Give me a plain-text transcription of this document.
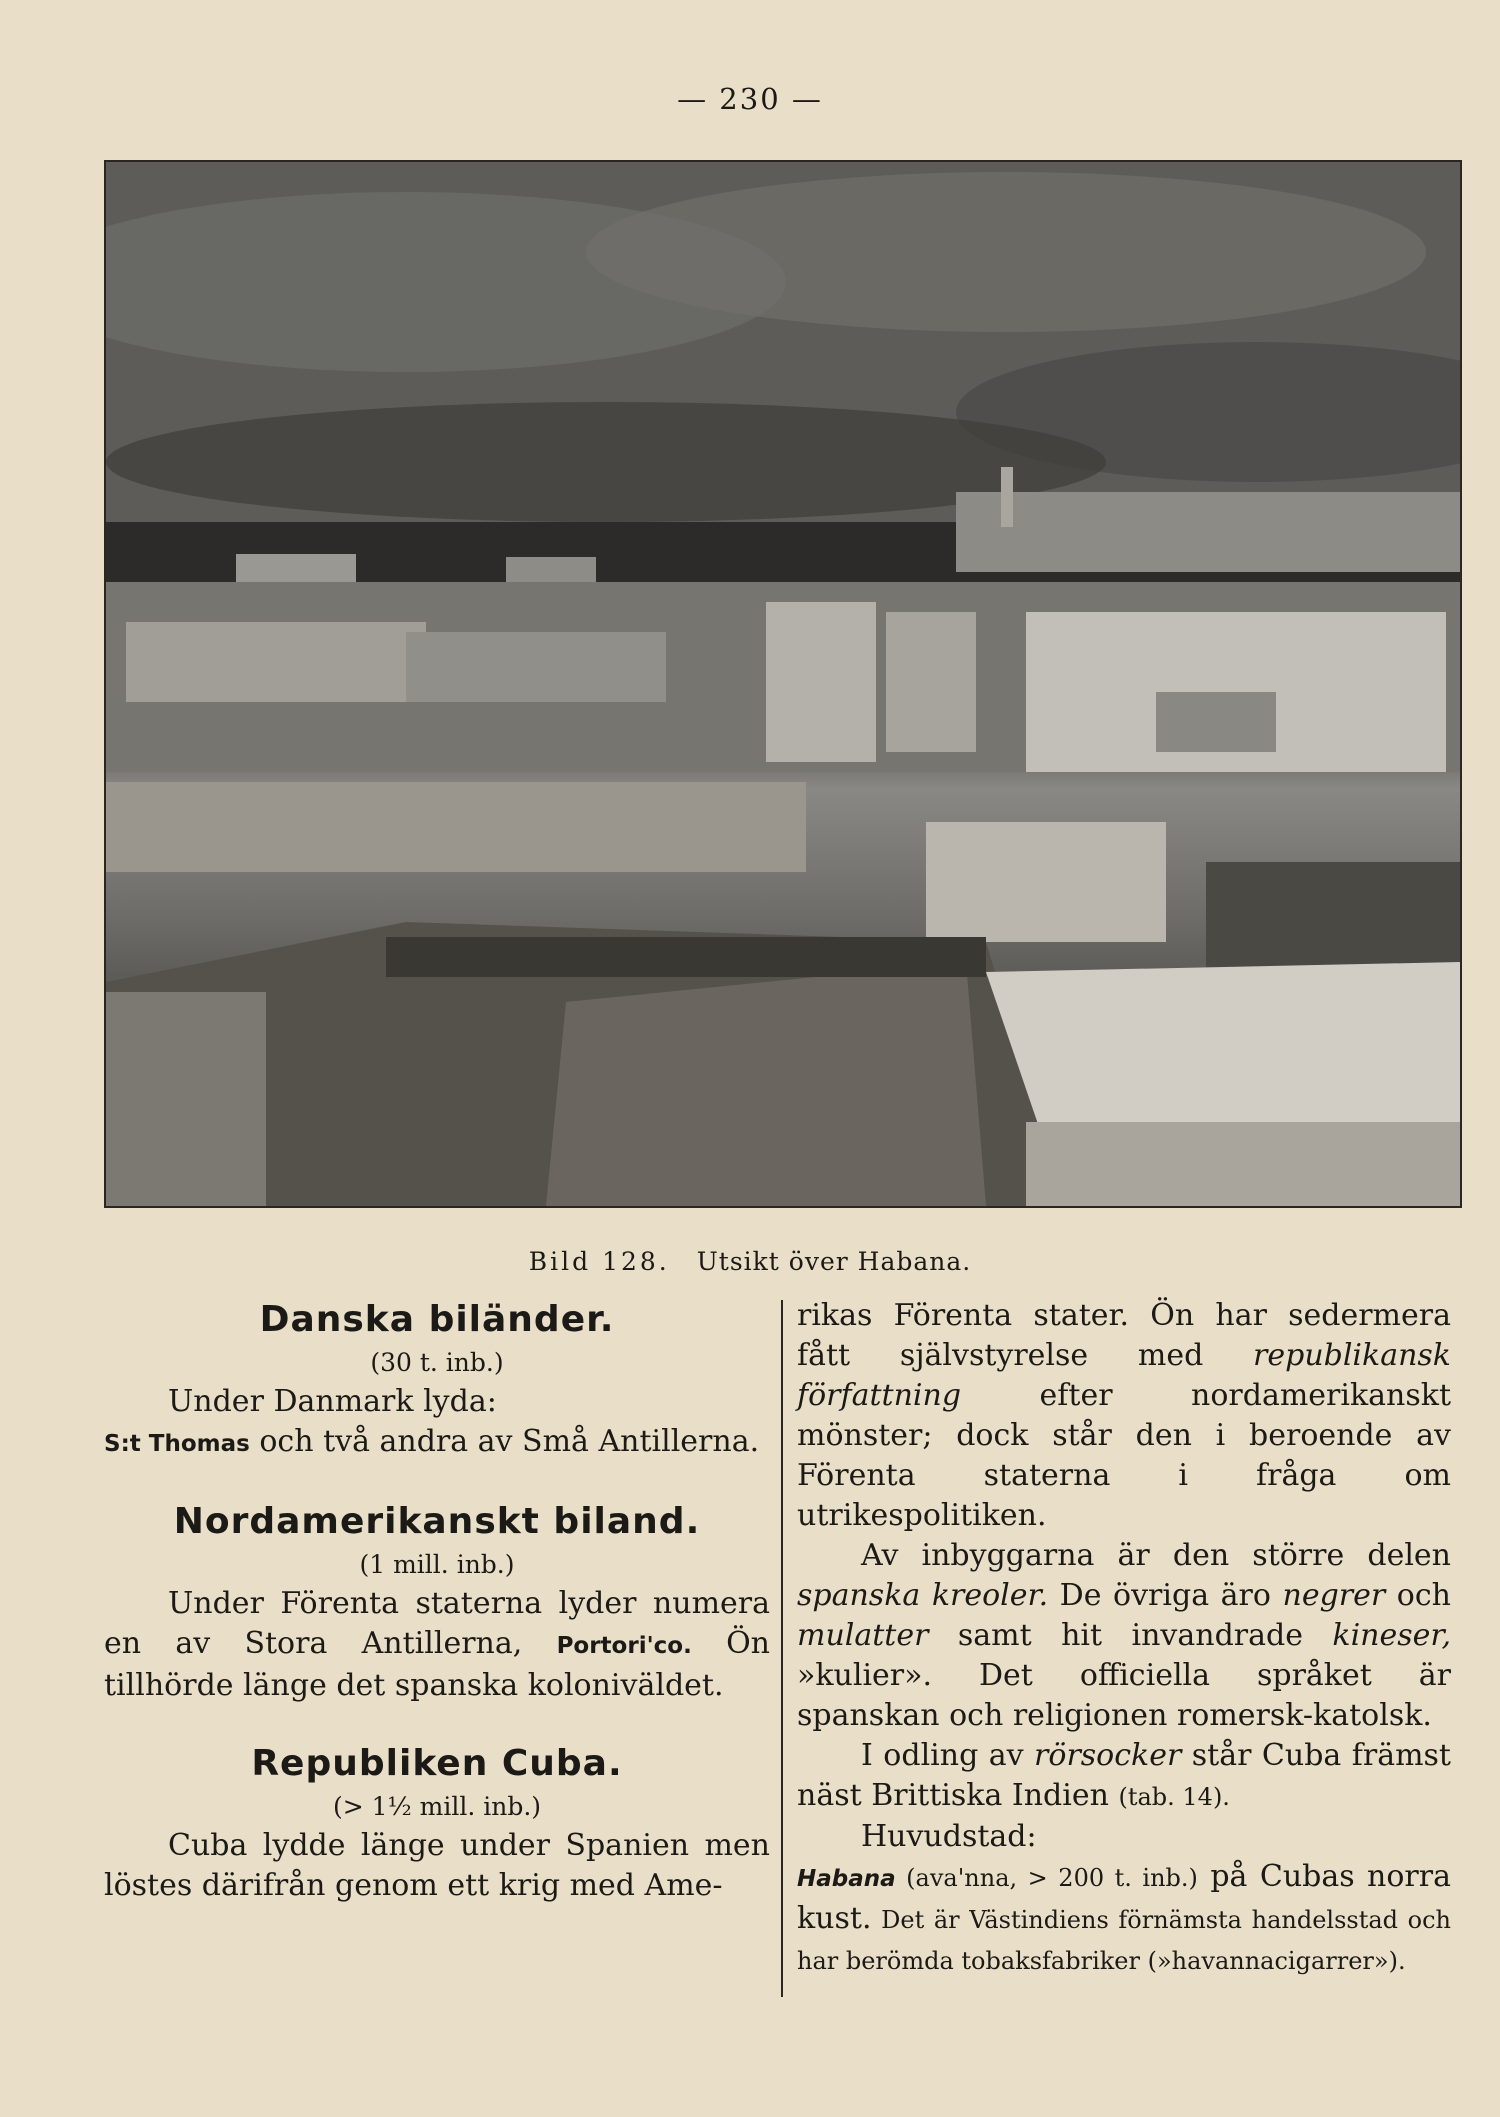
— 230 —
Bild 128. Utsikt över Habana.
Danska biländer.

(30 t. inb.)

Under Danmark lyda:

S:t Thomas och två andra av Små Antillerna.

Nordamerikanskt biland.

(1 mill. inb.)

Under Förenta staterna lyder numera en av Stora Antillerna, Portori'co. Ön tillhörde länge det spanska koloniväldet.

Republiken Cuba.

(> 1½ mill. inb.)

Cuba lydde länge under Spanien men löstes därifrån genom ett krig med Ame-

rikas Förenta stater. Ön har sedermera fått självstyrelse med republikansk författning efter nordamerikanskt mönster; dock står den i beroende av Förenta staterna i fråga om utrikespolitiken.

Av inbyggarna är den större delen spanska kreoler. De övriga äro negrer och mulatter samt hit invandrade kineser, »kulier». Det officiella språket är spanskan och religionen romersk-katolsk.

I odling av rörsocker står Cuba främst näst Brittiska Indien (tab. 14).

Huvudstad:

Habana (ava'nna, > 200 t. inb.) på Cubas norra kust. Det är Västindiens förnämsta handelsstad och har berömda tobaksfabriker (»havannacigarrer»).
